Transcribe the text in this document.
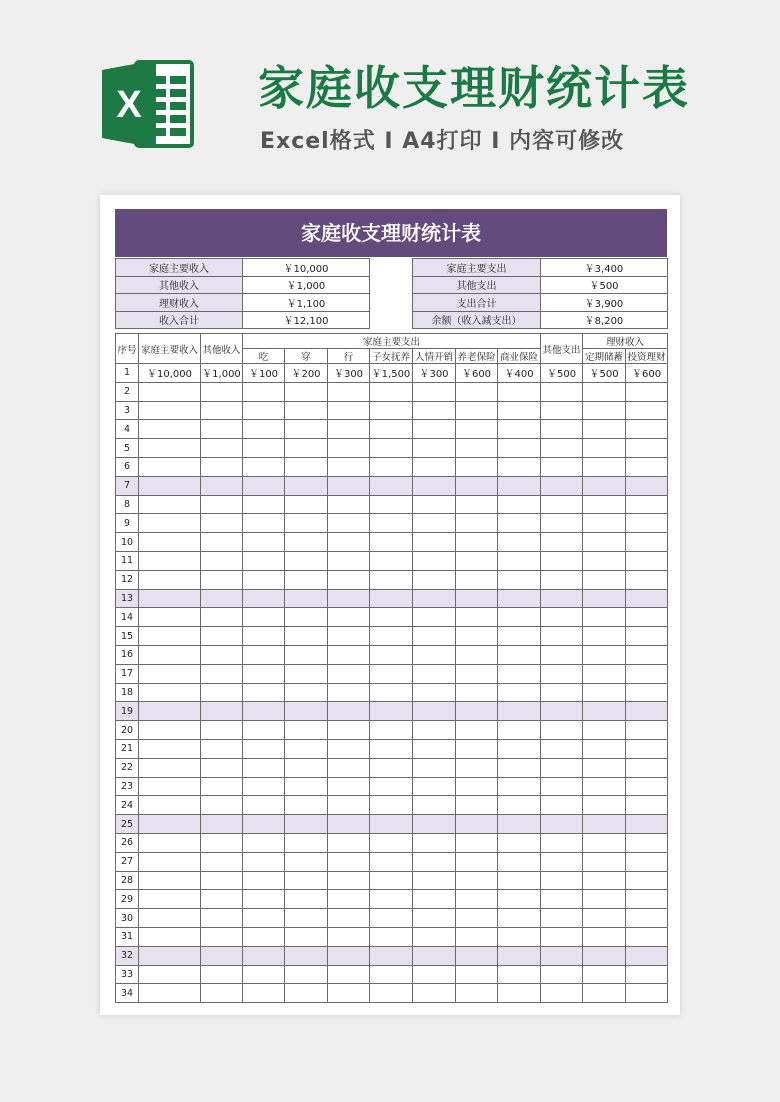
X	家庭收支理财统计表
Excel格式 I A4打印 I 内容可修改
家庭收支理财统计表
家庭主要收入	￥10,000		家庭主要支出	￥3,400
其他收入	￥1,000		其他支出	￥500
理财收入	￥1,100		支出合计	￥3,900
收入合计	￥12,100		余额（收入减支出）	￥8,200
序号	家庭主要收入	其他收入	家庭主要支出							其他支出	理财收入	
			吃	穿	行	子女抚养	人情开销	养老保险	商业保险		定期储蓄	投资理财
1	￥10,000	￥1,000	￥100	￥200	￥300	￥1,500	￥300	￥600	￥400	￥500	￥500	￥600
2												
3												
4												
5												
6												
7												
8												
9												
10												
11												
12												
13												
14												
15												
16												
17												
18												
19												
20												
21												
22												
23												
24												
25												
26												
27												
28												
29												
30												
31												
32												
33												
34												
